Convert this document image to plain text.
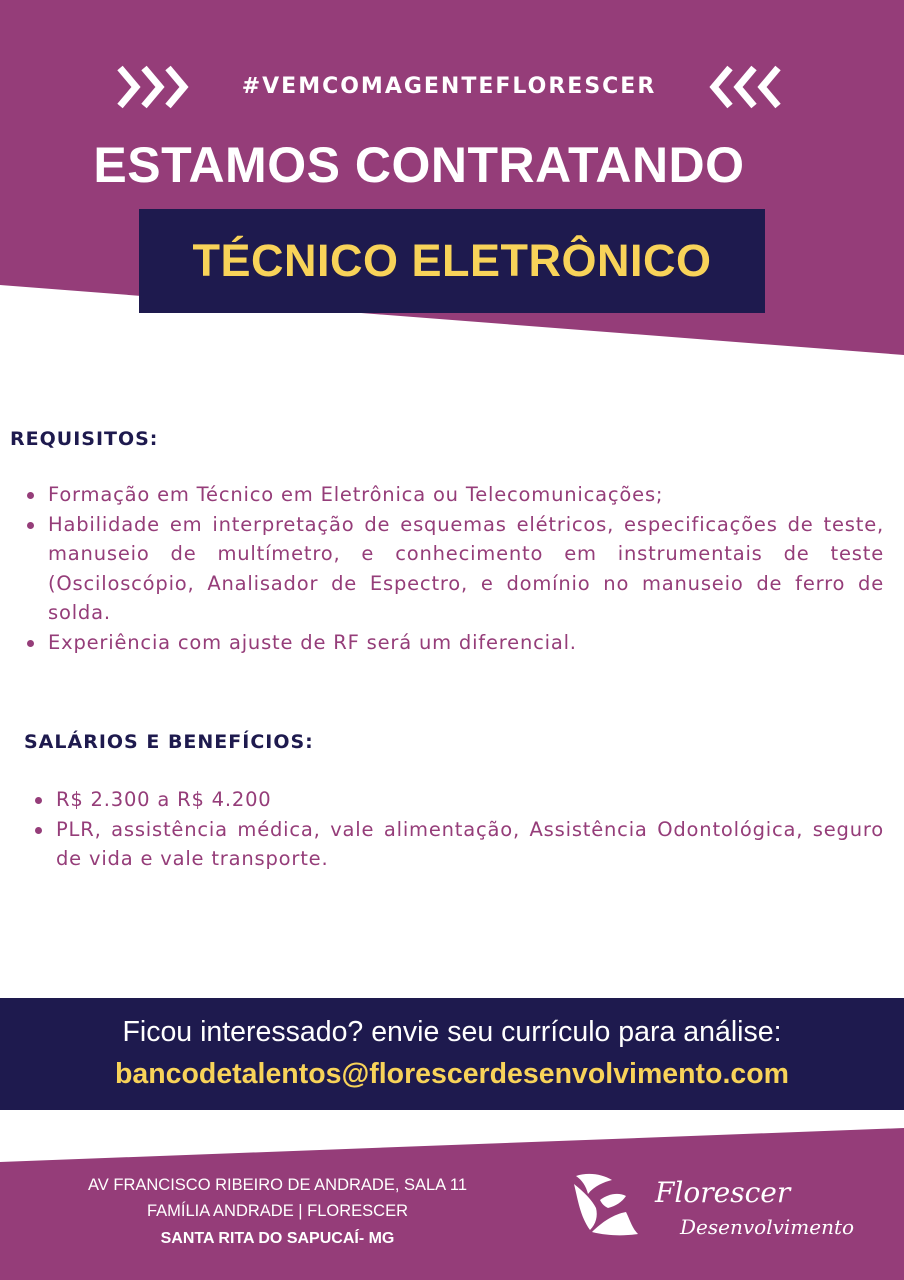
#VEMCOMAGENTEFLORESCER
ESTAMOS CONTRATANDO
TÉCNICO ELETRÔNICO
REQUISITOS:
Formação em Técnico em Eletrônica ou Telecomunicações;
Habilidade em interpretação de esquemas elétricos, especificações de teste, manuseio de multímetro, e conhecimento em instrumentais de teste (Osciloscópio, Analisador de Espectro, e domínio no manuseio de ferro de solda.
Experiência com ajuste de RF será um diferencial.
SALÁRIOS E BENEFÍCIOS:
R$ 2.300 a R$ 4.200
PLR, assistência médica, vale alimentação, Assistência Odontológica, seguro de vida e vale transporte.
Ficou interessado? envie seu currículo para análise:
bancodetalentos@florescerdesenvolvimento.com
AV FRANCISCO RIBEIRO DE ANDRADE, SALA 11
FAMÍLIA ANDRADE | FLORESCER
SANTA RITA DO SAPUCAÍ- MG
Florescer
Desenvolvimento
